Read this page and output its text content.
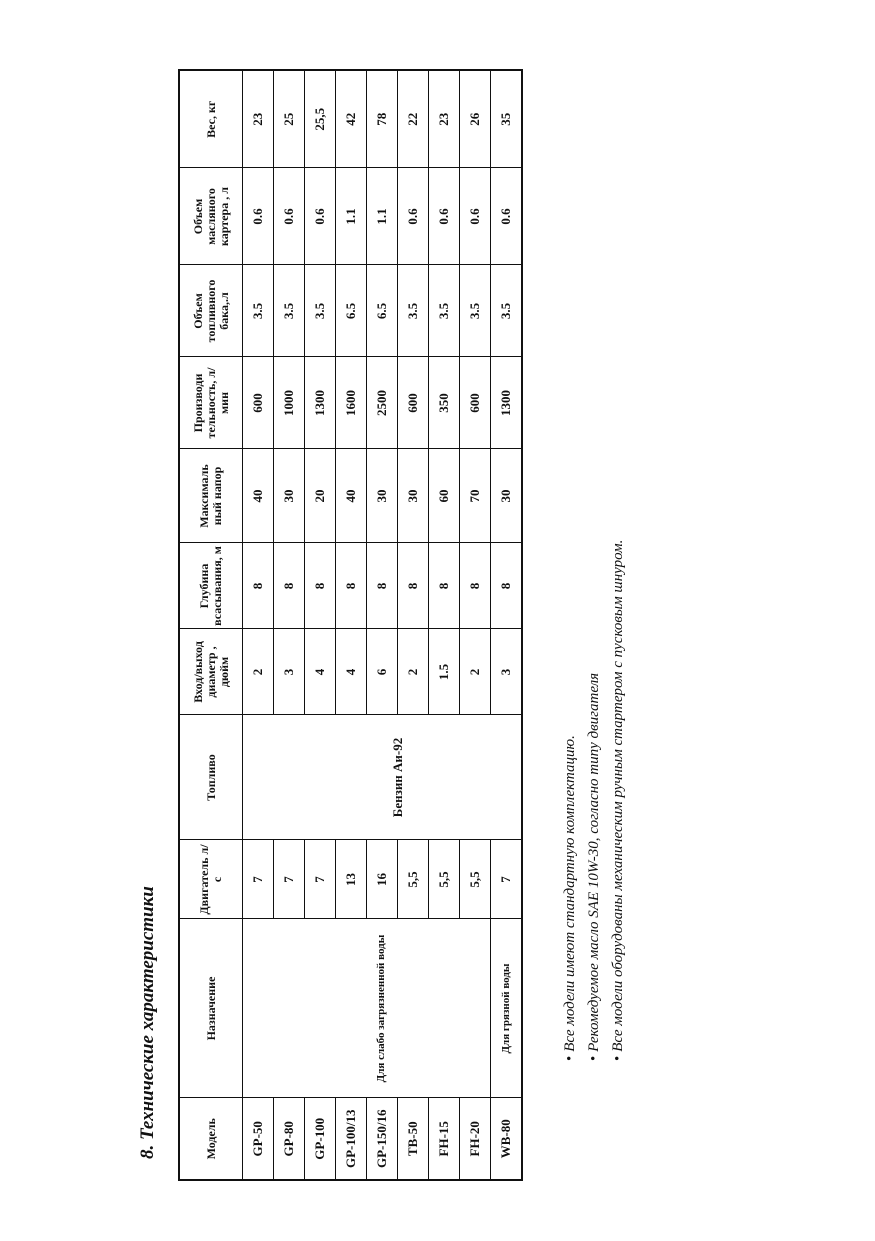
8. Технические характеристики	Модель	Назначение	Двигатель л/с	Топливо	Вход/выход диаметр , дюйм	Глубина всасывания, м	Максималь ный напор	Производи тельность, л/мин	Объем топливного бака,.л	Объем масляного картера , л	Вес, кг
GP-50		7		2	8	40	600	3.5	0.6	23
GP-80	Для слабо загрязненной воды	7	Бензин Аи-92	3	8	30	1000	3.5	0.6	25
GP-100		7		4	8	20	1300	3.5	0.6	25,5
GP-100/13		13		4	8	40	1600	6.5	1.1	42
GP-150/16		16		6	8	30	2500	6.5	1.1	78
TB-50		5,5		2	8	30	600	3.5	0.6	22
FH-15		5,5		1.5	8	60	350	3.5	0.6	23
FH-20		5,5		2	8	70	600	3.5	0.6	26
WB-80	Для грязной воды	7		3	8	30	1300	3.5	0.6	35
•Все модели имеют стандартную комплектацию.
•Рекомедуемое масло SAE 10W-30, согласно типу двигателя
•Все модели оборудованы механическим ручным стартером с пусковым шнуром.
